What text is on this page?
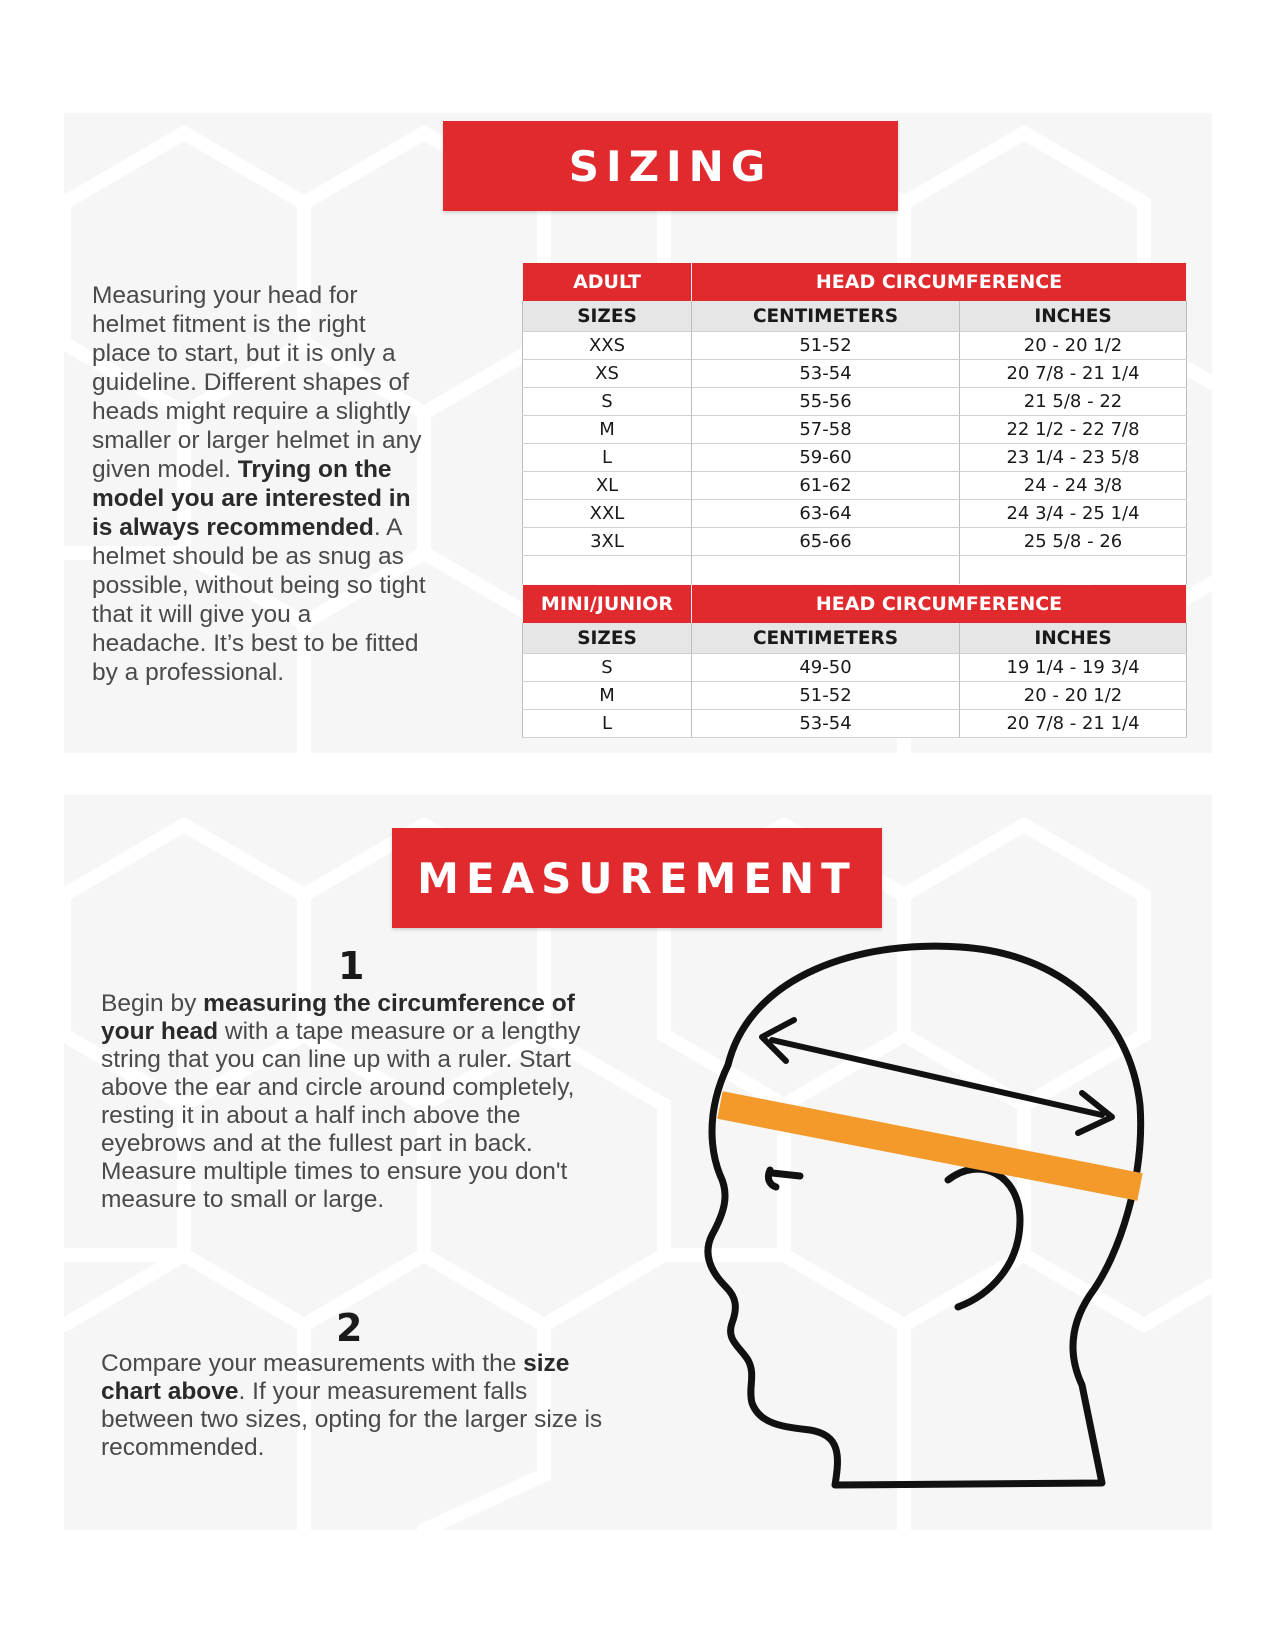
SIZING

Measuring your head for helmet fitment is the right place to start, but it is only a guideline. Different shapes of heads might require a slightly smaller or larger helmet in any given model. Trying on the model you are interested in is always recommended. A helmet should be as snug as possible, without being so tight that it will give you a headache. It’s best to be fitted by a professional.

ADULT	HEAD CIRCUMFERENCE	
SIZES	CENTIMETERS	INCHES
XXS	51-52	20 - 20 1/2
XS	53-54	20 7/8 - 21 1/4
S	55-56	21 5/8 - 22
M	57-58	22 1/2 - 22 7/8
L	59-60	23 1/4 - 23 5/8
XL	61-62	24 - 24 3/8
XXL	63-64	24 3/4 - 25 1/4
3XL	65-66	25 5/8 - 26

MINI/JUNIOR	HEAD CIRCUMFERENCE	
SIZES	CENTIMETERS	INCHES
S	49-50	19 1/4 - 19 3/4
M	51-52	20 - 20 1/2
L	53-54	20 7/8 - 21 1/4
MEASUREMENT

1

Begin by measuring the circumference of your head with a tape measure or a lengthy string that you can line up with a ruler. Start above the ear and circle around completely, resting it in about a half inch above the eyebrows and at the fullest part in back. Measure multiple times to ensure you don't measure to small or large.

2

Compare your measurements with the size chart above. If your measurement falls between two sizes, opting for the larger size is recommended.
